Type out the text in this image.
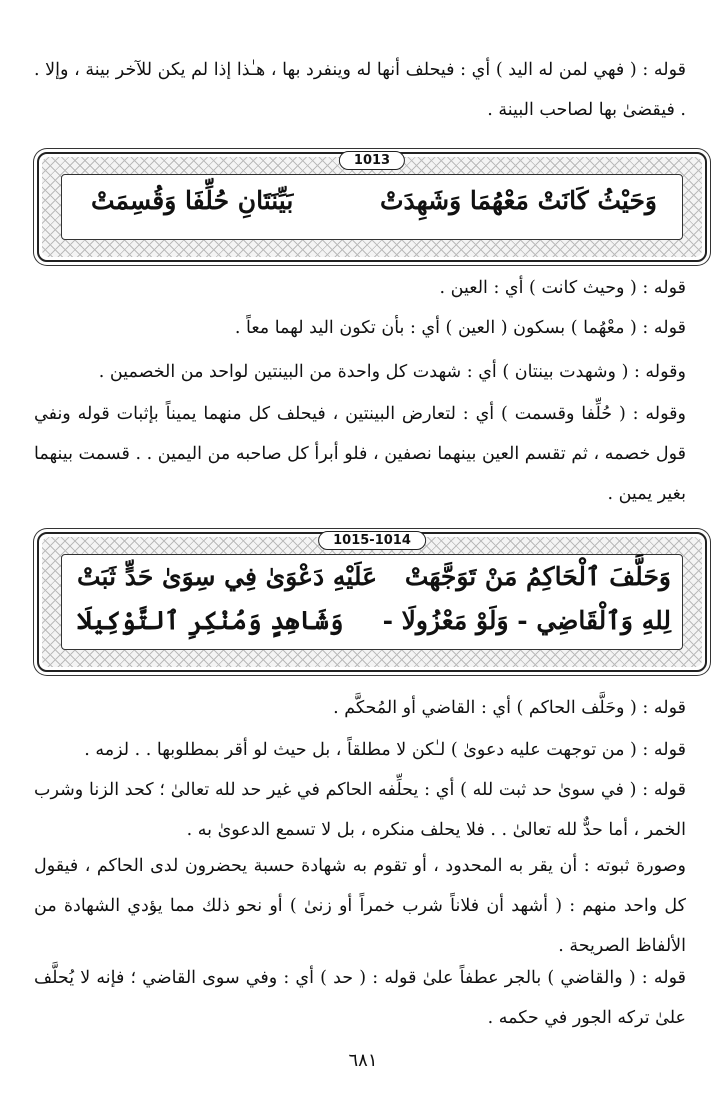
قوله : ( فهي لمن له اليد ) أي : فيحلف أنها له وينفرد بها ، هـٰذا إذا لم يكن للآخر بينة ، وإلا . . فيقضىٰ بها لصاحب البينة .

1013
وَحَيْثُ كَانَتْ مَعْهُمَا وَشَهِدَتْ
بَيِّنَتَانِ حُلِّفَا وَقُسِمَتْ

قوله : ( وحيث كانت ) أي : العين .

قوله : ( معْهُما ) بسكون ( العين ) أي : بأن تكون اليد لهما معاً .

وقوله : ( وشهدت بينتان ) أي : شهدت كل واحدة من البينتين لواحد من الخصمين .

وقوله : ( حُلِّفا وقسمت ) أي : لتعارض البينتين ، فيحلف كل منهما يميناً بإثبات قوله ونفي قول خصمه ، ثم تقسم العين بينهما نصفين ، فلو أبرأ كل صاحبه من اليمين . . قسمت بينهما بغير يمين .

1015-1014
وَحَلَّفَ ٱلْحَاكِمُ مَنْ تَوَجَّهَتْ
عَلَيْهِ دَعْوَىٰ فِي سِوَىٰ حَدٍّ ثَبَتْ
لِلهِ وَٱلْقَاضِي - وَلَوْ مَعْزُولَا -
وَشَاهِدٍ وَمُنْكِرِ ٱلتَّوْكِيلَا

قوله : ( وحَلَّف الحاكم ) أي : القاضي أو المُحكَّم .

قوله : ( من توجهت عليه دعوىٰ ) لـٰكن لا مطلقاً ، بل حيث لو أقر بمطلوبها . . لزمه .

قوله : ( في سوىٰ حد ثبت لله ) أي : يحلِّفه الحاكم في غير حد لله تعالىٰ ؛ كحد الزنا وشرب الخمر ، أما حدٌّ لله تعالىٰ . . فلا يحلف منكره ، بل لا تسمع الدعوىٰ به .

وصورة ثبوته : أن يقر به المحدود ، أو تقوم به شهادة حسبة يحضرون لدى الحاكم ، فيقول كل واحد منهم : ( أشهد أن فلاناً شرب خمراً أو زنىٰ ) أو نحو ذلك مما يؤدي الشهادة من الألفاظ الصريحة .

قوله : ( والقاضي ) بالجر عطفاً علىٰ قوله : ( حد ) أي : وفي سوى القاضي ؛ فإنه لا يُحلَّف علىٰ تركه الجور في حكمه .

٦٨١
